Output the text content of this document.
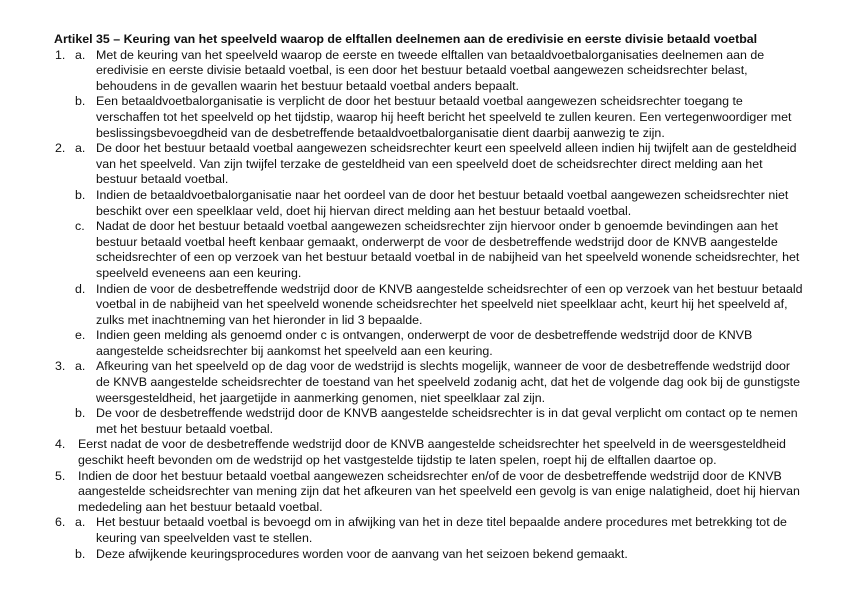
Artikel 35 – Keuring van het speelveld waarop de elftallen deelnemen aan de eredivisie en eerste divisie betaald voetbal
1. a. Met de keuring van het speelveld waarop de eerste en tweede elftallen van betaaldvoetbalorganisaties deelnemen aan de eredivisie en eerste divisie betaald voetbal, is een door het bestuur betaald voetbal aangewezen scheidsrechter belast, behoudens in de gevallen waarin het bestuur betaald voetbal anders bepaalt.
b. Een betaaldvoetbalorganisatie is verplicht de door het bestuur betaald voetbal aangewezen scheidsrechter toegang te verschaffen tot het speelveld op het tijdstip, waarop hij heeft bericht het speelveld te zullen keuren. Een vertegenwoordiger met beslissingsbevoegdheid van de desbetreffende betaaldvoetbalorganisatie dient daarbij aanwezig te zijn.
2. a. De door het bestuur betaald voetbal aangewezen scheidsrechter keurt een speelveld alleen indien hij twijfelt aan de gesteldheid van het speelveld. Van zijn twijfel terzake de gesteldheid van een speelveld doet de scheidsrechter direct melding aan het bestuur betaald voetbal.
b. Indien de betaaldvoetbalorganisatie naar het oordeel van de door het bestuur betaald voetbal aangewezen scheidsrechter niet beschikt over een speelklaar veld, doet hij hiervan direct melding aan het bestuur betaald voetbal.
c. Nadat de door het bestuur betaald voetbal aangewezen scheidsrechter zijn hiervoor onder b genoemde bevindingen aan het bestuur betaald voetbal heeft kenbaar gemaakt, onderwerpt de voor de desbetreffende wedstrijd door de KNVB aangestelde scheidsrechter of een op verzoek van het bestuur betaald voetbal in de nabijheid van het speelveld wonende scheidsrechter, het speelveld eveneens aan een keuring.
d. Indien de voor de desbetreffende wedstrijd door de KNVB aangestelde scheidsrechter of een op verzoek van het bestuur betaald voetbal in de nabijheid van het speelveld wonende scheidsrechter het speelveld niet speelklaar acht, keurt hij het speelveld af, zulks met inachtneming van het hieronder in lid 3 bepaalde.
e. Indien geen melding als genoemd onder c is ontvangen, onderwerpt de voor de desbetreffende wedstrijd door de KNVB aangestelde scheidsrechter bij aankomst het speelveld aan een keuring.
3. a. Afkeuring van het speelveld op de dag voor de wedstrijd is slechts mogelijk, wanneer de voor de desbetreffende wedstrijd door de KNVB aangestelde scheidsrechter de toestand van het speelveld zodanig acht, dat het de volgende dag ook bij de gunstigste weersgesteldheid, het jaargetijde in aanmerking genomen, niet speelklaar zal zijn.
b. De voor de desbetreffende wedstrijd door de KNVB aangestelde scheidsrechter is in dat geval verplicht om contact op te nemen met het bestuur betaald voetbal.
4.	Eerst nadat de voor de desbetreffende wedstrijd door de KNVB aangestelde scheidsrechter het speelveld in de weersgesteldheid geschikt heeft bevonden om de wedstrijd op het vastgestelde tijdstip te laten spelen, roept hij de elftallen daartoe op.
5.	Indien de door het bestuur betaald voetbal aangewezen scheidsrechter en/of de voor de desbetreffende wedstrijd door de KNVB aangestelde scheidsrechter van mening zijn dat het afkeuren van het speelveld een gevolg is van enige nalatigheid, doet hij hiervan mededeling aan het bestuur betaald voetbal.
6. a. Het bestuur betaald voetbal is bevoegd om in afwijking van het in deze titel bepaalde andere procedures met betrekking tot de keuring van speelvelden vast te stellen.
b. Deze afwijkende keuringsprocedures worden voor de aanvang van het seizoen bekend gemaakt.
